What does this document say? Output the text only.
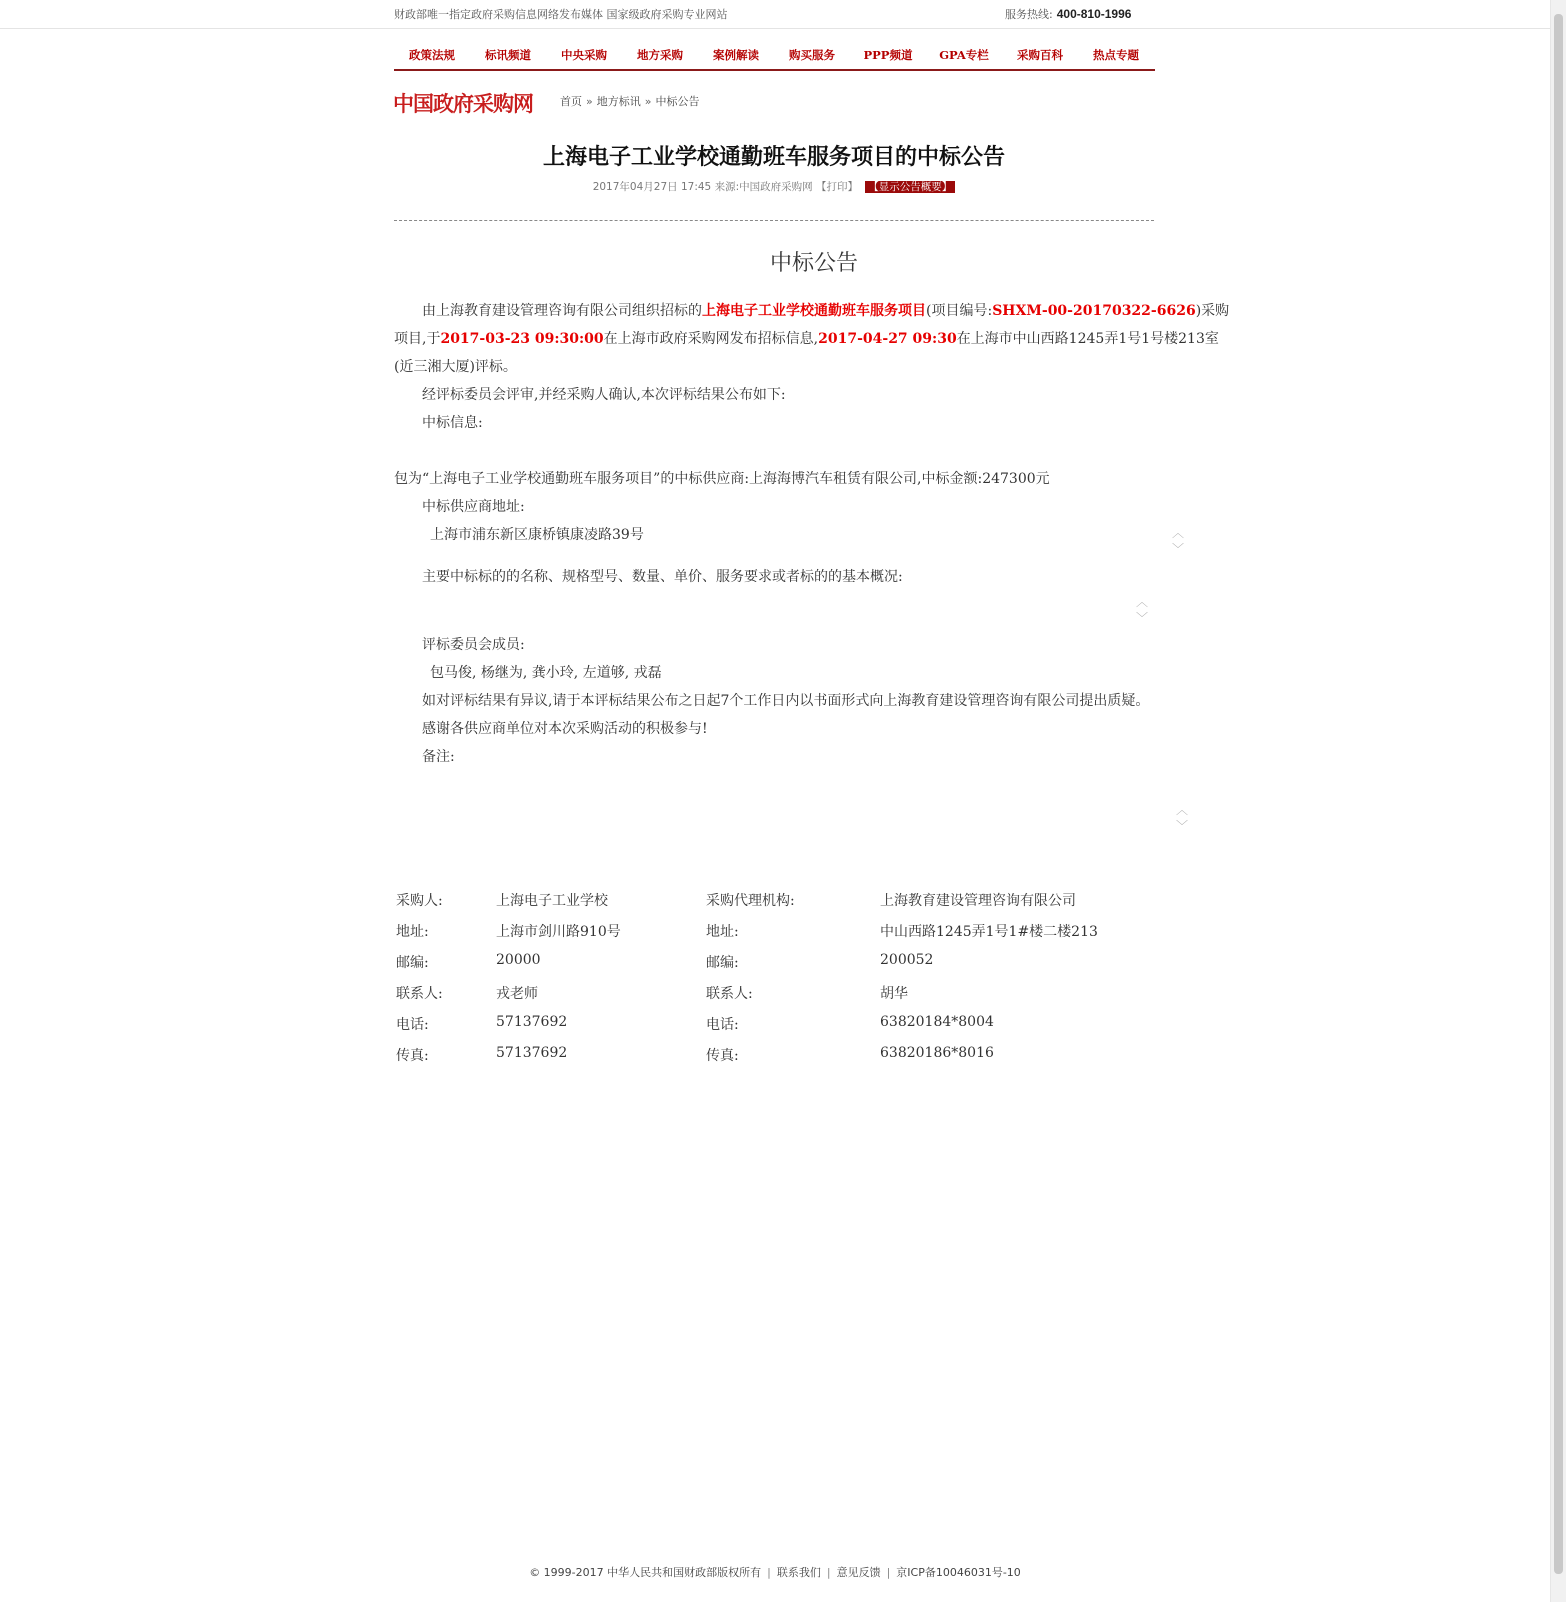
财政部唯一指定政府采购信息网络发布媒体 国家级政府采购专业网站	服务热线: 400-810-1996
政策法规	标讯频道	中央采购	地方采购	案例解读	购买服务	PPP频道	GPA专栏	采购百科	热点专题
中国政府采购网 首页 » 地方标讯 » 中标公告
上海电子工业学校通勤班车服务项目的中标公告
2017年04月27日 17:45 来源:中国政府采购网 【打印】 【显示公告概要】
中标公告

由上海教育建设管理咨询有限公司组织招标的上海电子工业学校通勤班车服务项目(项目编号:SHXM-00-20170322-6626)采购项目,于2017-03-23 09:30:00在上海市政府采购网发布招标信息,2017-04-27 09:30在上海市中山西路1245弄1号1号楼213室(近三湘大厦)评标。

经评标委员会评审,并经采购人确认,本次评标结果公布如下:

中标信息:

包为“上海电子工业学校通勤班车服务项目”的中标供应商:上海海博汽车租赁有限公司,中标金额:247300元

中标供应商地址:

上海市浦东新区康桥镇康凌路39号

主要中标标的的名称、规格型号、数量、单价、服务要求或者标的的基本概况:

评标委员会成员:

包马俊, 杨继为, 龚小玲, 左道够, 戎磊

如对评标结果有异议,请于本评标结果公布之日起7个工作日内以书面形式向上海教育建设管理咨询有限公司提出质疑。

感谢各供应商单位对本次采购活动的积极参与!

备注:

︿
﹀
︿
﹀
︿
﹀
采购人:	上海电子工业学校	采购代理机构:	上海教育建设管理咨询有限公司
地址:	上海市剑川路910号	地址:	中山西路1245弄1号1#楼二楼213
邮编:	20000	邮编:	200052
联系人:	戎老师	联系人:	胡华
电话:	57137692	电话:	63820184*8004
传真:	57137692	传真:	63820186*8016
© 1999-2017 中华人民共和国财政部版权所有 | 联系我们 | 意见反馈 | 京ICP备10046031号-10
